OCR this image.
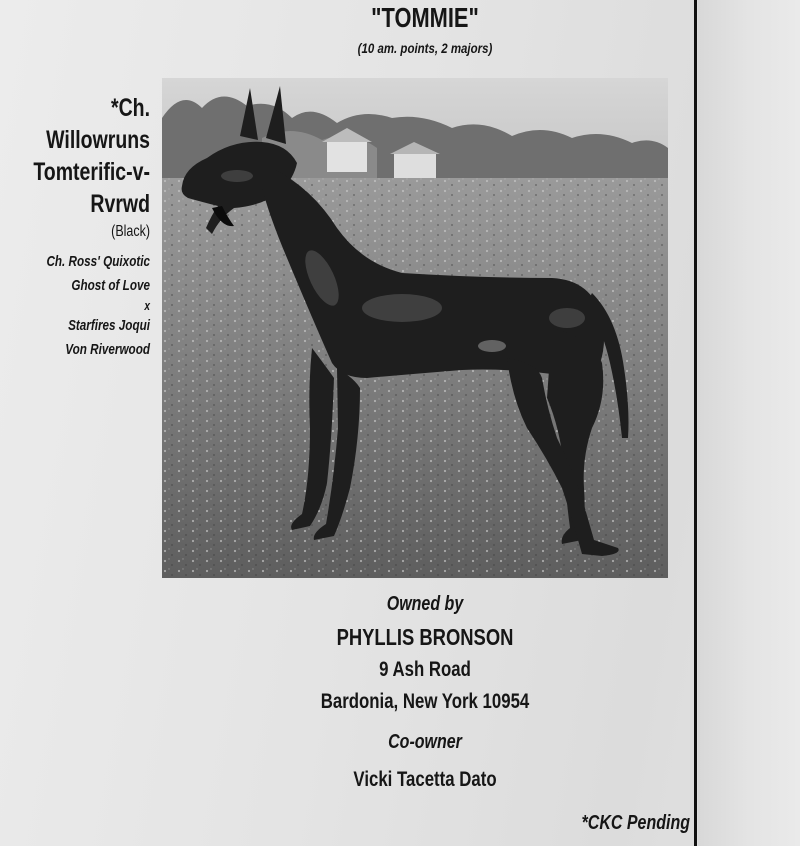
"TOMMIE"
(10 am. points, 2 majors)
*Ch.
Willowruns
Tomterific-v-
Rvrwd
(Black)
Ch. Ross' Quixotic
Ghost of Love
x
Starfires Joqui
Von Riverwood
Owned by
PHYLLIS BRONSON
9 Ash Road
Bardonia, New York 10954
Co-owner
Vicki Tacetta Dato
*CKC Pending
